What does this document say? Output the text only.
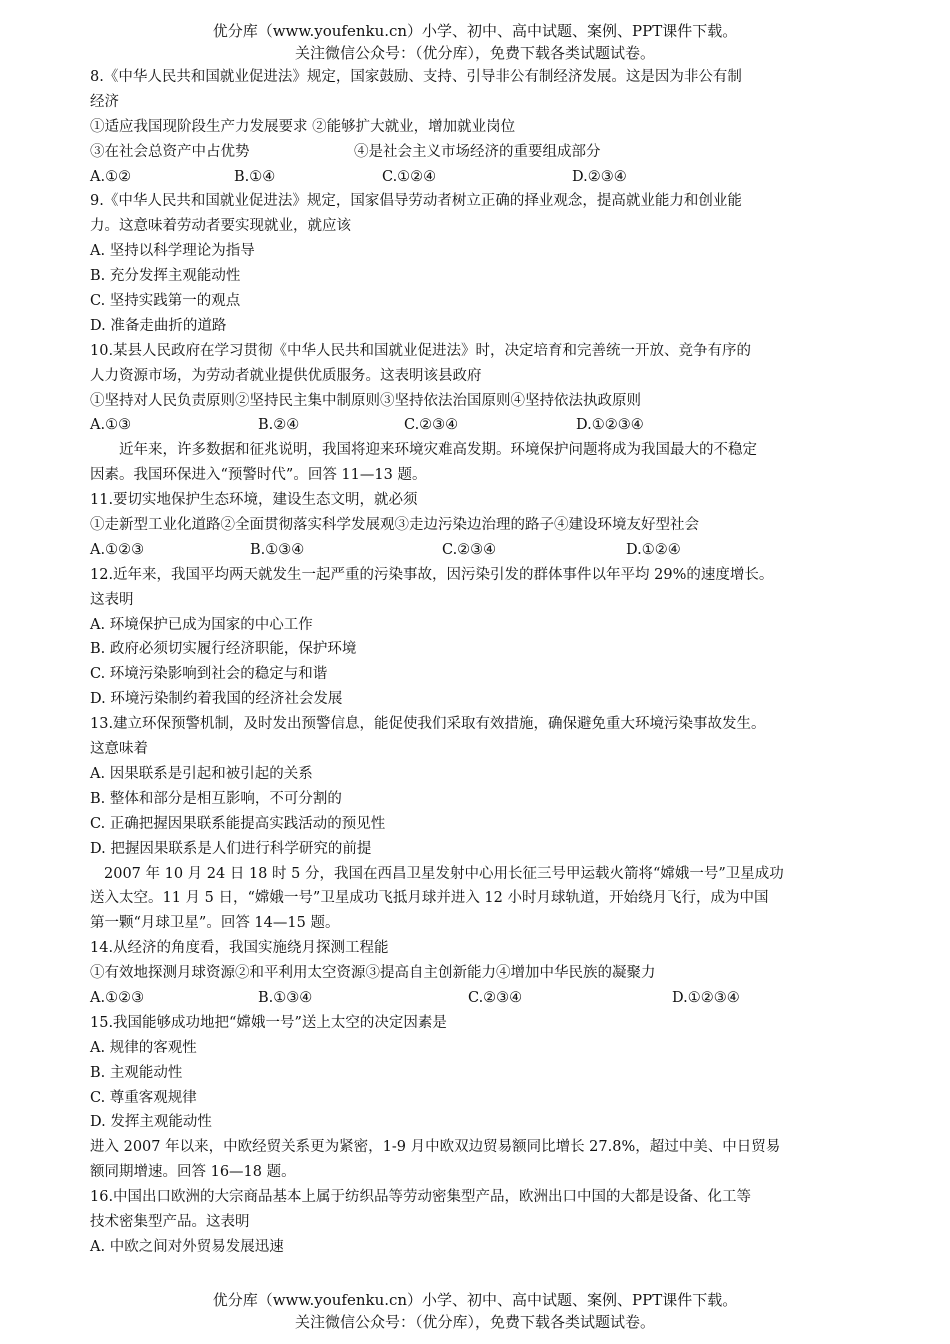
优分库（www.youfenku.cn）小学、初中、高中试题、案例、PPT课件下载。
关注微信公众号：（优分库），免费下载各类试题试卷。
8.《中华人民共和国就业促进法》规定，国家鼓励、支持、引导非公有制经济发展。这是因为非公有制
经济
①适应我国现阶段生产力发展要求 ②能够扩大就业，增加就业岗位
③在社会总资产中占优势	④是社会主义市场经济的重要组成部分
A.①②	B.①④	C.①②④	D.②③④
9.《中华人民共和国就业促进法》规定，国家倡导劳动者树立正确的择业观念，提高就业能力和创业能
力。这意味着劳动者要实现就业，就应该
A. 坚持以科学理论为指导
B. 充分发挥主观能动性
C. 坚持实践第一的观点
D. 准备走曲折的道路
10.某县人民政府在学习贯彻《中华人民共和国就业促进法》时，决定培育和完善统一开放、竞争有序的
人力资源市场，为劳动者就业提供优质服务。这表明该县政府
①坚持对人民负责原则②坚持民主集中制原则③坚持依法治国原则④坚持依法执政原则
A.①③	B.②④	C.②③④	D.①②③④
近年来，许多数据和征兆说明，我国将迎来环境灾难高发期。环境保护问题将成为我国最大的不稳定
因素。我国环保进入“预警时代”。回答 11—13 题。
11.要切实地保护生态环境，建设生态文明，就必须
①走新型工业化道路②全面贯彻落实科学发展观③走边污染边治理的路子④建设环境友好型社会
A.①②③	B.①③④	C.②③④	D.①②④
12.近年来，我国平均两天就发生一起严重的污染事故，因污染引发的群体事件以年平均 29%的速度增长。
这表明
A. 环境保护已成为国家的中心工作
B. 政府必须切实履行经济职能，保护环境
C. 环境污染影响到社会的稳定与和谐
D. 环境污染制约着我国的经济社会发展
13.建立环保预警机制，及时发出预警信息，能促使我们采取有效措施，确保避免重大环境污染事故发生。
这意味着
A. 因果联系是引起和被引起的关系
B. 整体和部分是相互影响，不可分割的
C. 正确把握因果联系能提高实践活动的预见性
D. 把握因果联系是人们进行科学研究的前提
2007 年 10 月 24 日 18 时 5 分，我国在西昌卫星发射中心用长征三号甲运载火箭将“嫦娥一号”卫星成功
送入太空。11 月 5 日，“嫦娥一号”卫星成功飞抵月球并进入 12 小时月球轨道，开始绕月飞行，成为中国
第一颗“月球卫星”。回答 14—15 题。
14.从经济的角度看，我国实施绕月探测工程能
①有效地探测月球资源②和平利用太空资源③提高自主创新能力④增加中华民族的凝聚力
A.①②③	B.①③④	C.②③④	D.①②③④
15.我国能够成功地把“嫦娥一号”送上太空的决定因素是
A. 规律的客观性
B. 主观能动性
C. 尊重客观规律
D. 发挥主观能动性
进入 2007 年以来，中欧经贸关系更为紧密，1-9 月中欧双边贸易额同比增长 27.8%，超过中美、中日贸易
额同期增速。回答 16—18 题。
16.中国出口欧洲的大宗商品基本上属于纺织品等劳动密集型产品，欧洲出口中国的大都是设备、化工等
技术密集型产品。这表明
A. 中欧之间对外贸易发展迅速
优分库（www.youfenku.cn）小学、初中、高中试题、案例、PPT课件下载。
关注微信公众号：（优分库），免费下载各类试题试卷。
